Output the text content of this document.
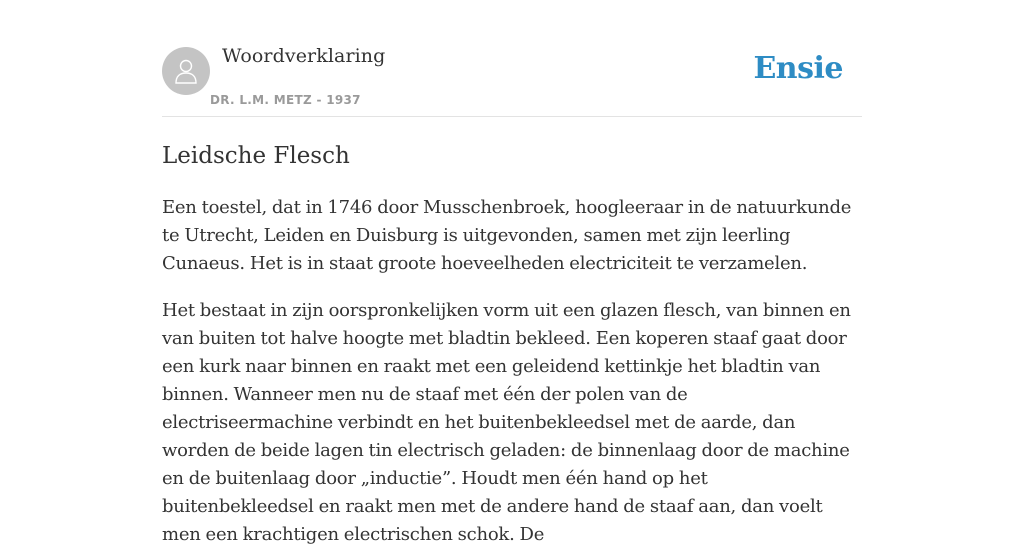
Woordverklaring
DR. L.M. METZ - 1937
Ensie
Leidsche Flesch

Een toestel, dat in 1746 door Musschenbroek, hoogleeraar in de natuurkunde te Utrecht, Leiden en Duisburg is uitgevonden, samen met zijn leerling Cunaeus. Het is in staat groote hoeveelheden electriciteit te verzamelen.

Het bestaat in zijn oorspronkelijken vorm uit een glazen flesch, van binnen en van buiten tot halve hoogte met bladtin bekleed. Een koperen staaf gaat door een kurk naar binnen en raakt met een geleidend kettinkje het bladtin van binnen. Wanneer men nu de staaf met één der polen van de electriseermachine verbindt en het buitenbekleedsel met de aarde, dan worden de beide lagen tin electrisch geladen: de binnenlaag door de machine en de buitenlaag door „inductie”. Houdt men één hand op het buitenbekleedsel en raakt men met de andere hand de staaf aan, dan voelt men een krachtigen electrischen schok. De
